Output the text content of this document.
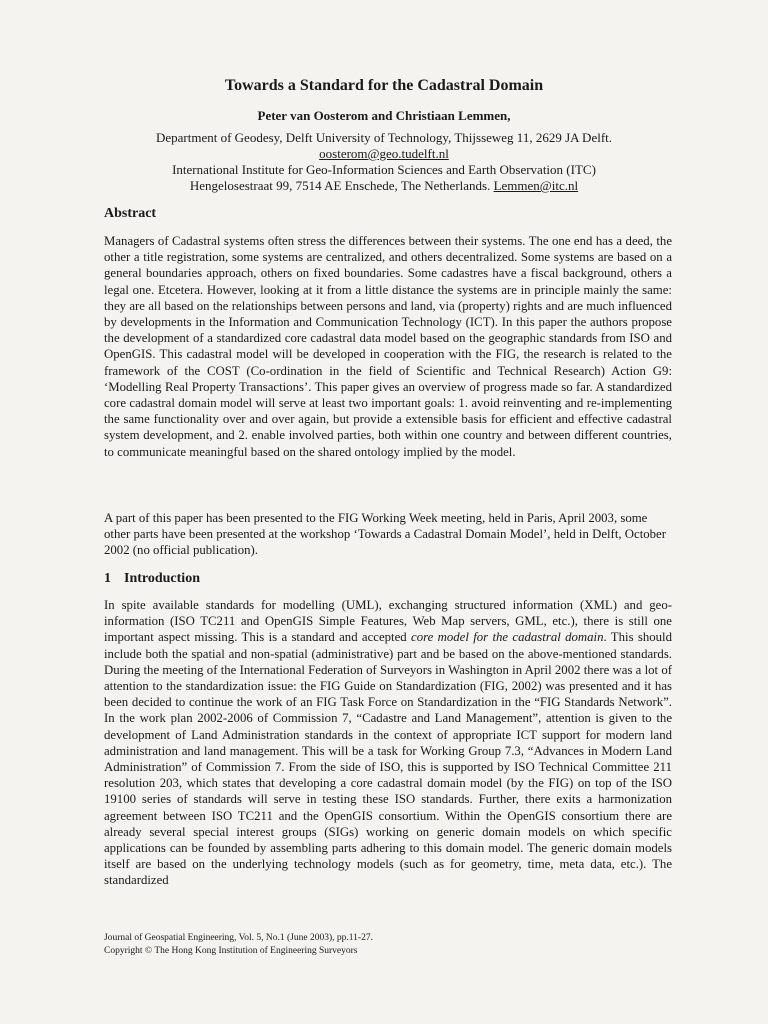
Towards a Standard for the Cadastral Domain
Peter van Oosterom and Christiaan Lemmen,
Department of Geodesy, Delft University of Technology, Thijsseweg 11, 2629 JA Delft.
oosterom@geo.tudelft.nl
International Institute for Geo-Information Sciences and Earth Observation (ITC)
Hengelosestraat 99, 7514 AE Enschede, The Netherlands. Lemmen@itc.nl
Abstract

Managers of Cadastral systems often stress the differences between their systems. The one end has a deed, the other a title registration, some systems are centralized, and others decentralized. Some systems are based on a general boundaries approach, others on fixed boundaries. Some cadastres have a fiscal background, others a legal one. Etcetera. However, looking at it from a little distance the systems are in principle mainly the same: they are all based on the relationships between persons and land, via (property) rights and are much influenced by developments in the Information and Communication Technology (ICT). In this paper the authors propose the development of a standardized core cadastral data model based on the geographic standards from ISO and OpenGIS. This cadastral model will be developed in cooperation with the FIG, the research is related to the framework of the COST (Co-ordination in the field of Scientific and Technical Research) Action G9: ‘Modelling Real Property Transactions’. This paper gives an overview of progress made so far. A standardized core cadastral domain model will serve at least two important goals: 1. avoid reinventing and re-implementing the same functionality over and over again, but provide a extensible basis for efficient and effective cadastral system development, and 2. enable involved parties, both within one country and between different countries, to communicate meaningful based on the shared ontology implied by the model.

A part of this paper has been presented to the FIG Working Week meeting, held in Paris, April 2003, some other parts have been presented at the workshop ‘Towards a Cadastral Domain Model’, held in Delft, October 2002 (no official publication).

1 Introduction

In spite available standards for modelling (UML), exchanging structured information (XML) and geo-information (ISO TC211 and OpenGIS Simple Features, Web Map servers, GML, etc.), there is still one important aspect missing. This is a standard and accepted core model for the cadastral domain. This should include both the spatial and non-spatial (administrative) part and be based on the above-mentioned standards. During the meeting of the International Federation of Surveyors in Washington in April 2002 there was a lot of attention to the standardization issue: the FIG Guide on Standardization (FIG, 2002) was presented and it has been decided to continue the work of an FIG Task Force on Standardization in the “FIG Standards Network”. In the work plan 2002-2006 of Commission 7, “Cadastre and Land Management”, attention is given to the development of Land Administration standards in the context of appropriate ICT support for modern land administration and land management. This will be a task for Working Group 7.3, “Advances in Modern Land Administration” of Commission 7. From the side of ISO, this is supported by ISO Technical Committee 211 resolution 203, which states that developing a core cadastral domain model (by the FIG) on top of the ISO 19100 series of standards will serve in testing these ISO standards. Further, there exits a harmonization agreement between ISO TC211 and the OpenGIS consortium. Within the OpenGIS consortium there are already several special interest groups (SIGs) working on generic domain models on which specific applications can be founded by assembling parts adhering to this domain model. The generic domain models itself are based on the underlying technology models (such as for geometry, time, meta data, etc.). The standardized

Journal of Geospatial Engineering, Vol. 5, No.1 (June 2003), pp.11-27.
Copyright © The Hong Kong Institution of Engineering Surveyors
